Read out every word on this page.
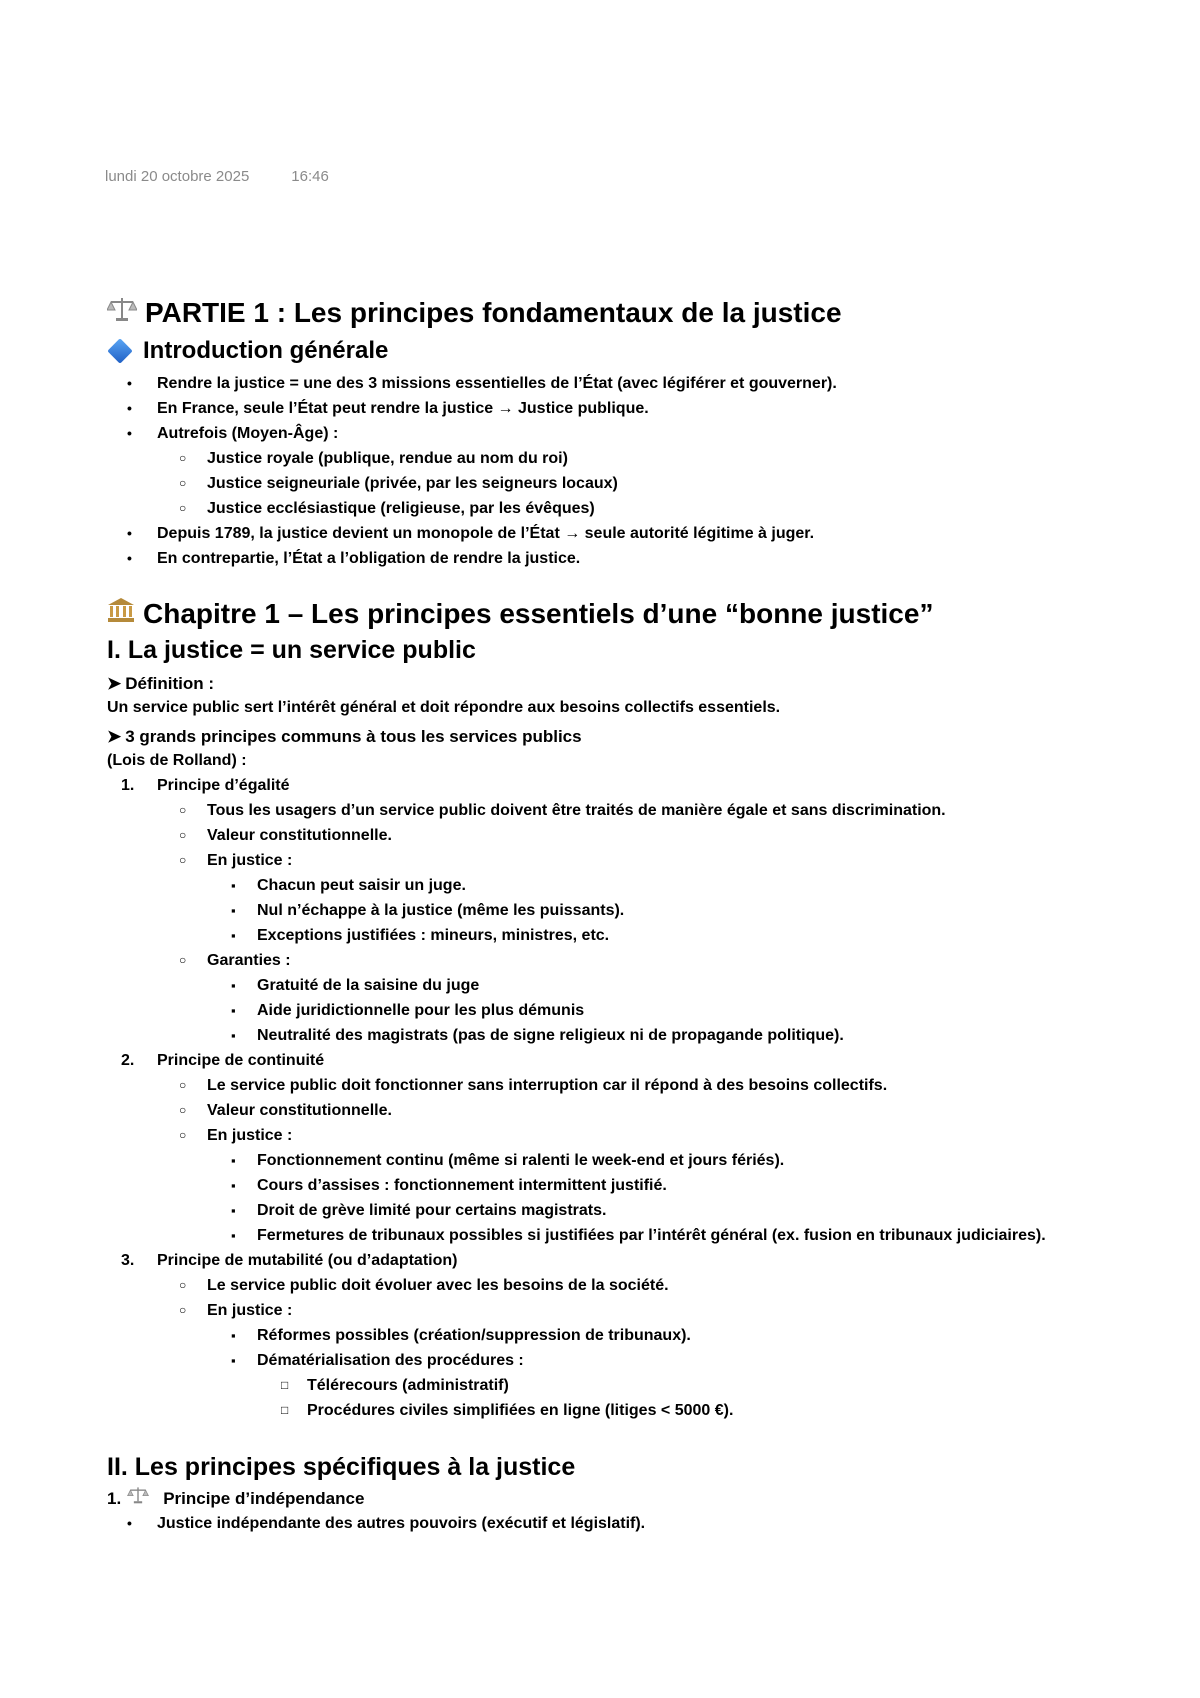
lundi 20 octobre 2025	16:46
PARTIE 1 : Les principes fondamentaux de la justice
Introduction générale
• Rendre la justice = une des 3 missions essentielles de l’État (avec légiférer et gouverner).
• En France, seule l’État peut rendre la justice → Justice publique.
• Autrefois (Moyen-Âge) :
○ Justice royale (publique, rendue au nom du roi)
○ Justice seigneuriale (privée, par les seigneurs locaux)
○ Justice ecclésiastique (religieuse, par les évêques)
• Depuis 1789, la justice devient un monopole de l’État → seule autorité légitime à juger.
• En contrepartie, l’État a l’obligation de rendre la justice.
Chapitre 1 – Les principes essentiels d’une “bonne justice”
I. La justice = un service public
➤ Définition :
Un service public sert l’intérêt général et doit répondre aux besoins collectifs essentiels.
➤ 3 grands principes communs à tous les services publics
(Lois de Rolland) :
1. Principe d’égalité
○ Tous les usagers d’un service public doivent être traités de manière égale et sans discrimination.
○ Valeur constitutionnelle.
○ En justice :
▪ Chacun peut saisir un juge.
▪ Nul n’échappe à la justice (même les puissants).
▪ Exceptions justifiées : mineurs, ministres, etc.
○ Garanties :
▪ Gratuité de la saisine du juge
▪ Aide juridictionnelle pour les plus démunis
▪ Neutralité des magistrats (pas de signe religieux ni de propagande politique).
2. Principe de continuité
○ Le service public doit fonctionner sans interruption car il répond à des besoins collectifs.
○ Valeur constitutionnelle.
○ En justice :
▪ Fonctionnement continu (même si ralenti le week-end et jours fériés).
▪ Cours d’assises : fonctionnement intermittent justifié.
▪ Droit de grève limité pour certains magistrats.
▪ Fermetures de tribunaux possibles si justifiées par l’intérêt général (ex. fusion en tribunaux judiciaires).
3. Principe de mutabilité (ou d’adaptation)
○ Le service public doit évoluer avec les besoins de la société.
○ En justice :
▪ Réformes possibles (création/suppression de tribunaux).
▪ Dématérialisation des procédures :
□ Télérecours (administratif)
□ Procédures civiles simplifiées en ligne (litiges < 5000 €).
II. Les principes spécifiques à la justice
1. Principe d’indépendance
• Justice indépendante des autres pouvoirs (exécutif et législatif).
